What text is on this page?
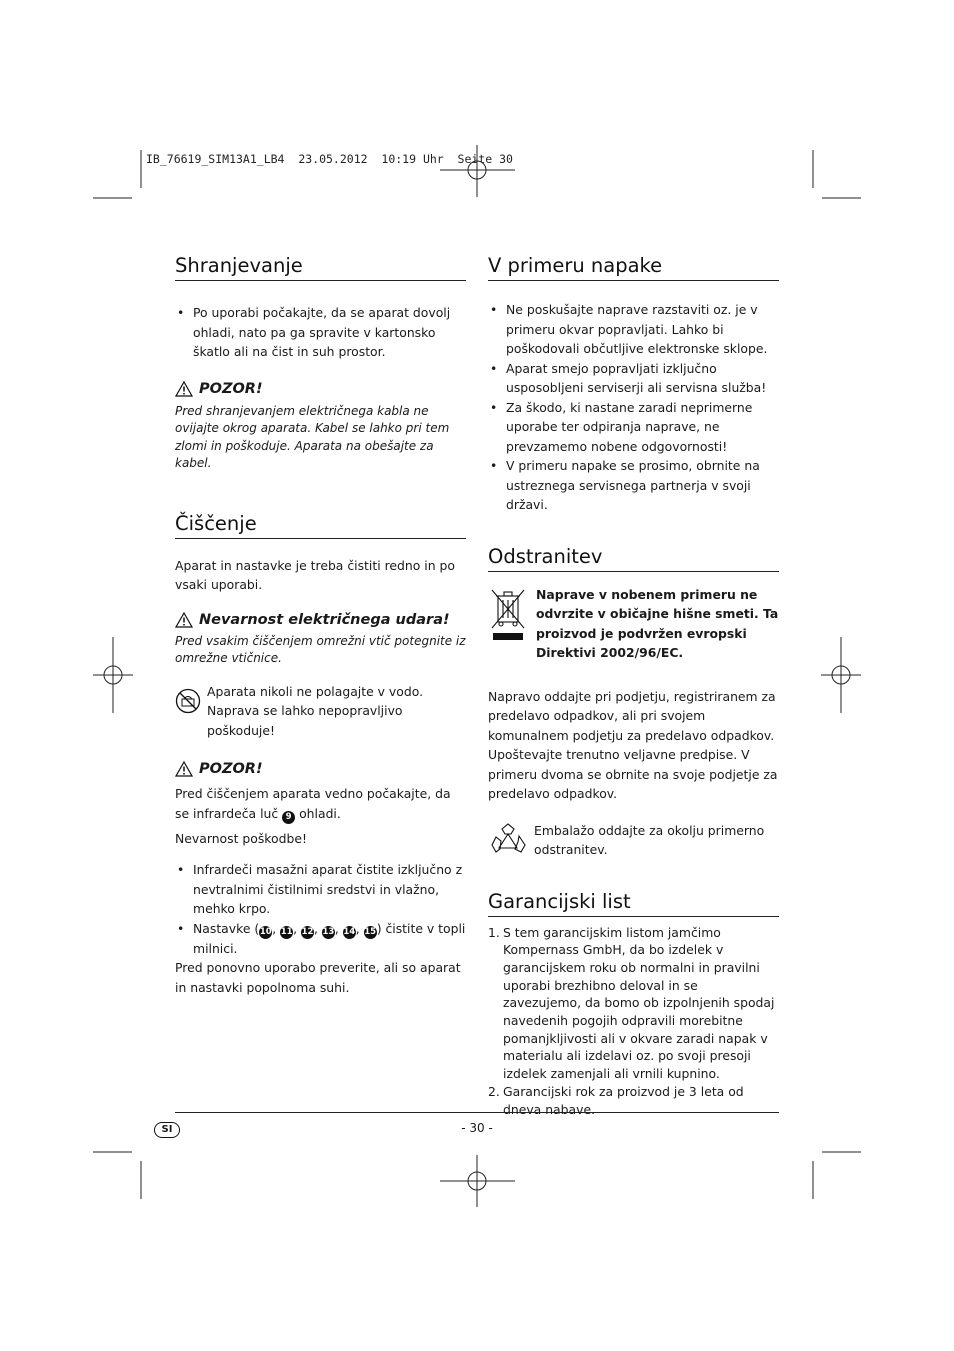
IB_76619_SIM13A1_LB4  23.05.2012  10:19 Uhr  Seite 30
Shranjevanje
• Po uporabi počakajte, da se aparat dovolj ohladi, nato pa ga spravite v kartonsko škatlo ali na čist in suh prostor.
POZOR!

Pred shranjevanjem električnega kabla ne ovijajte okrog aparata. Kabel se lahko pri tem zlomi in poškoduje. Aparata na obešajte za kabel.

Čiščenje

Aparat in nastavke je treba čistiti redno in po vsaki uporabi.

Nevarnost električnega udara!

Pred vsakim čiščenjem omrežni vtič potegnite iz omrežne vtičnice.

Aparata nikoli ne polagajte v vodo. Naprava se lahko nepopravljivo poškoduje!

POZOR!

Pred čiščenjem aparata vedno počakajte, da se infrardeča luč 9 ohladi.

Nevarnost poškodbe!

• Infrardeči masažni aparat čistite izključno z nevtralnimi čistilnimi sredstvi in vlažno, mehko krpo.
• Nastavke (10, 11, 12, 13, 14, 15) čistite v topli milnici.

Pred ponovno uporabo preverite, ali so aparat in nastavki popolnoma suhi.

V primeru napake
• Ne poskušajte naprave razstaviti oz. je v primeru okvar popravljati. Lahko bi poškodovali občutljive elektronske sklope.
• Aparat smejo popravljati izključno usposobljeni serviserji ali servisna služba!
• Za škodo, ki nastane zaradi neprimerne uporabe ter odpiranja naprave, ne prevzamemo nobene odgovornosti!
• V primeru napake se prosimo, obrnite na ustreznega servisnega partnerja v svoji državi.
Odstranitev

Naprave v nobenem primeru ne odvrzite v običajne hišne smeti. Ta proizvod je podvržen evropski Direktivi 2002/96/EC.

Napravo oddajte pri podjetju, registriranem za predelavo odpadkov, ali pri svojem komunalnem podjetju za predelavo odpadkov. Upoštevajte trenutno veljavne predpise. V primeru dvoma se obrnite na svoje podjetje za predelavo odpadkov.

Embalažo oddajte za okolju primerno odstranitev.

Garancijski list
1. S tem garancijskim listom jamčimo Kompernass GmbH, da bo izdelek v garancijskem roku ob normalni in pravilni uporabi brezhibno deloval in se zavezujemo, da bomo ob izpolnjenih spodaj navedenih pogojih odpravili morebitne pomanjkljivosti ali v okvare zaradi napak v materialu ali izdelavi oz. po svoji presoji izdelek zamenjali ali vrnili kupnino.
2. Garancijski rok za proizvod je 3 leta od dneva nabave.
SI	- 30 -
